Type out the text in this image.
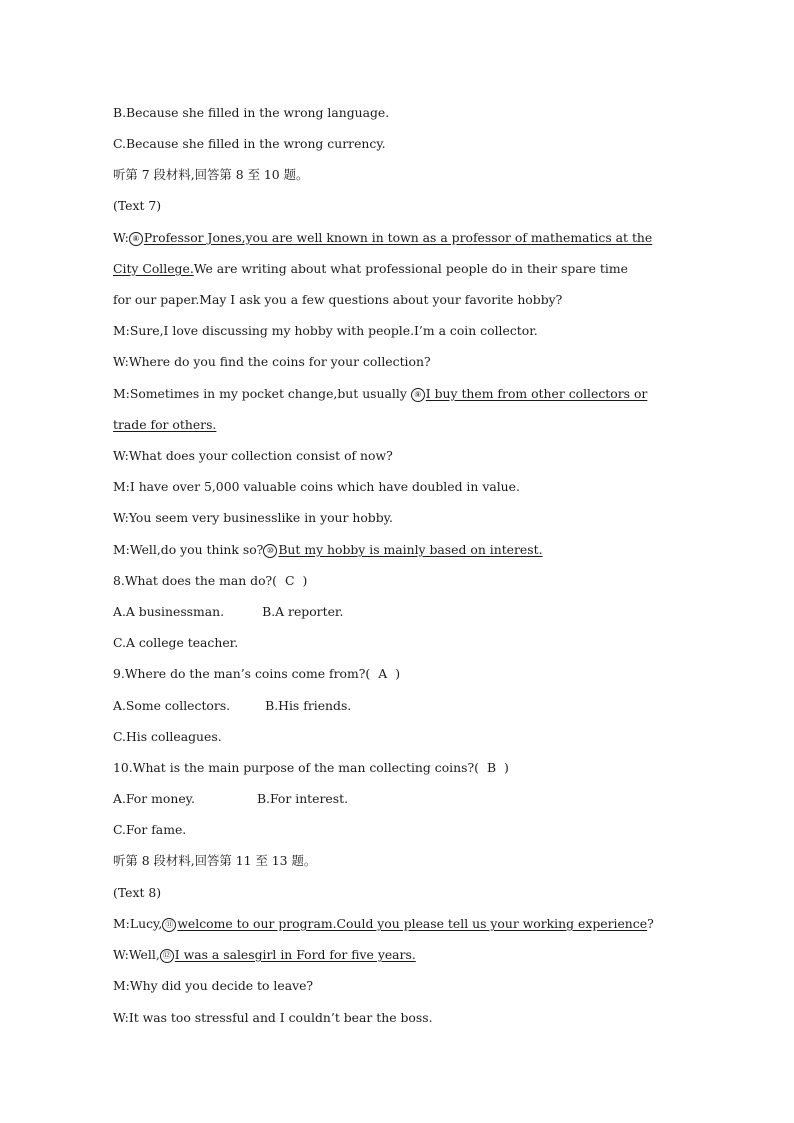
B.Because she filled in the wrong language.
C.Because she filled in the wrong currency.
听第 7 段材料,回答第 8 至 10 题。
(Text 7)
W: ⑧ Professor Jones,you are well known in town as a professor of mathematics at the
City College.We are writing about what professional people do in their spare time
for our paper.May I ask you a few questions about your favorite hobby?
M:Sure,I love discussing my hobby with people.I’m a coin collector.
W:Where do you find the coins for your collection?
M:Sometimes in my pocket change,but usually ⑨ I buy them from other collectors or
trade for others.
W:What does your collection consist of now?
M:I have over 5,000 valuable coins which have doubled in value.
W:You seem very businesslike in your hobby.
M:Well,do you think so? ⑩ But my hobby is mainly based on interest.
8.What does the man do?( C )
A.A businessman.	B.A reporter.
C.A college teacher.
9.Where do the man’s coins come from?( A )
A.Some collectors.	B.His friends.
C.His colleagues.
10.What is the main purpose of the man collecting coins?( B )
A.For money.	B.For interest.
C.For fame.
听第 8 段材料,回答第 11 至 13 题。
(Text 8)
M:Lucy, ⑪ welcome to our program.Could you please tell us your working experience?
W:Well, ⑫ I was a salesgirl in Ford for five years.
M:Why did you decide to leave?
W:It was too stressful and I couldn’t bear the boss.
